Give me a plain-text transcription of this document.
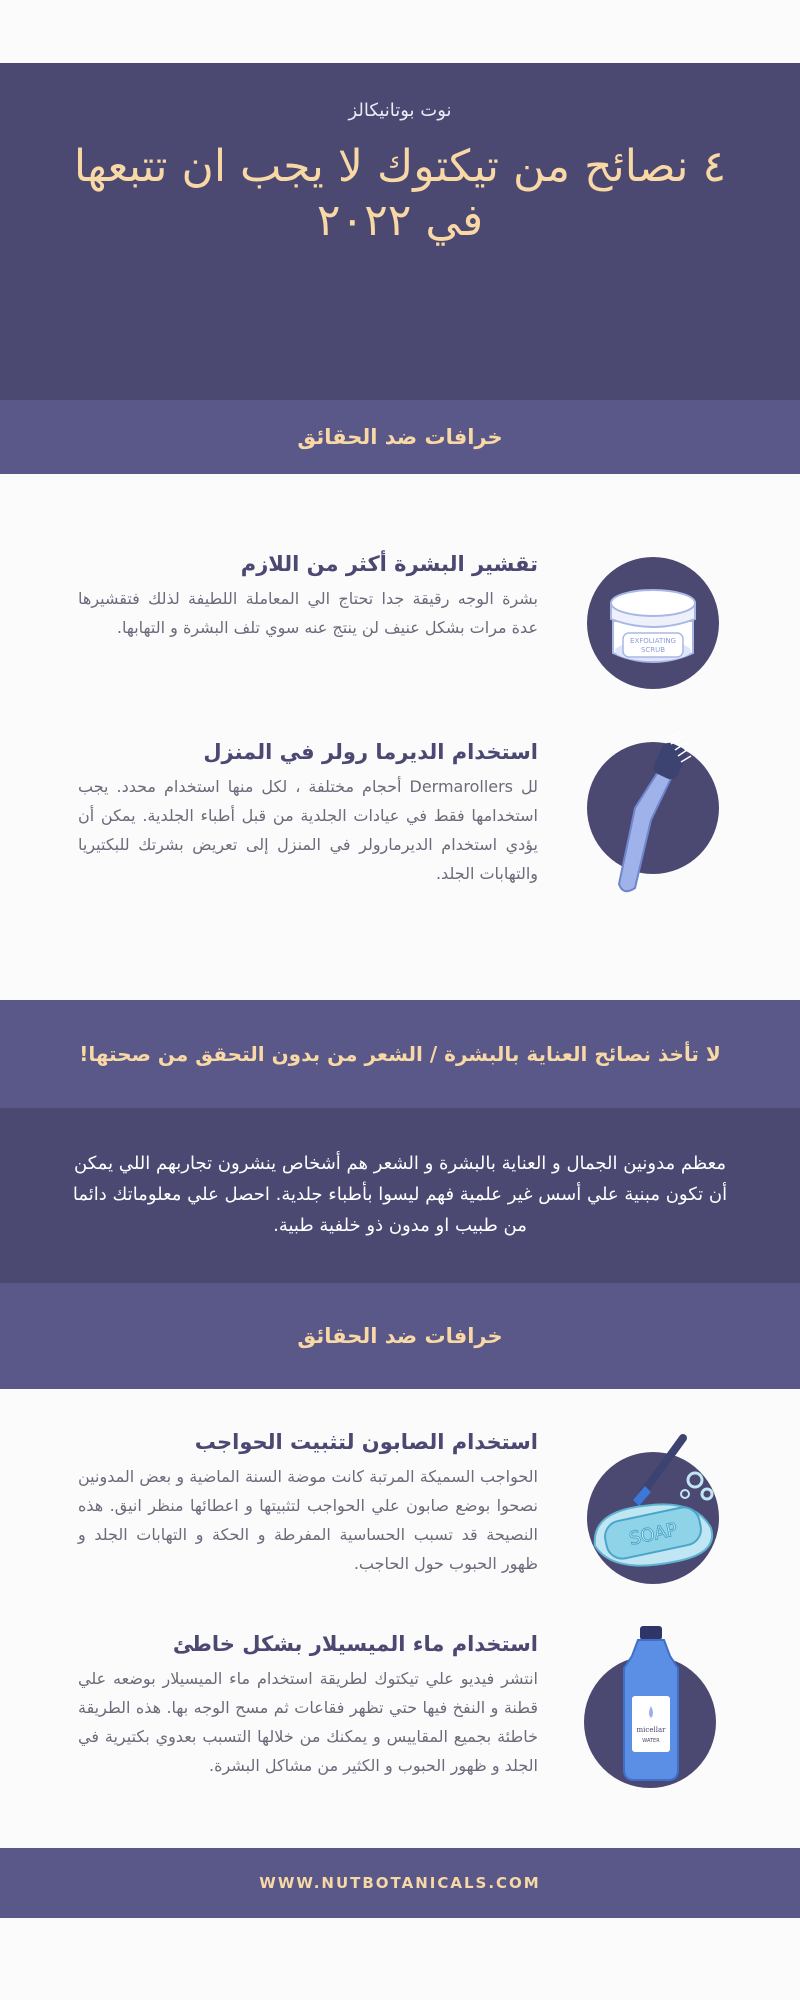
نوت بوتانيكالز
٤ نصائح من تيكتوك لا يجب ان تتبعها في ٢٠٢٢
خرافات ضد الحقائق
تقشير البشرة أكثر من اللازم

بشرة الوجه رقيقة جدا تحتاج الي المعاملة اللطيفة لذلك فتقشيرها عدة مرات بشكل عنيف لن ينتج عنه سوي تلف البشرة و التهابها.

EXFOLIATING
SCRUB
استخدام الديرما رولر في المنزل

لل Dermarollers أحجام مختلفة ، لكل منها استخدام محدد. يجب استخدامها فقط في عيادات الجلدية من قبل أطباء الجلدية. يمكن أن يؤدي استخدام الديرمارولر في المنزل إلى تعريض بشرتك للبكتيريا والتهابات الجلد.

لا تأخذ نصائح العناية بالبشرة / الشعر من بدون التحقق من صحتها!

معظم مدونين الجمال و العناية بالبشرة و الشعر هم أشخاص ينشرون تجاربهم اللي يمكن أن تكون مبنية علي أسس غير علمية فهم ليسوا بأطباء جلدية. احصل علي معلوماتك دائما من طبيب او مدون ذو خلفية طبية.

خرافات ضد الحقائق
استخدام الصابون لتثبيت الحواجب

الحواجب السميكة المرتبة كانت موضة السنة الماضية و بعض المدونين نصحوا بوضع صابون علي الحواجب لتثبيتها و اعطائها منظر انيق. هذه النصيحة قد تسبب الحساسية المفرطة و الحكة و التهابات الجلد و ظهور الحبوب حول الحاجب.

SOAP
استخدام ماء الميسيلار بشكل خاطئ

انتشر فيديو علي تيكتوك لطريقة استخدام ماء الميسيلار بوضعه علي قطنة و النفخ فيها حتي تظهر فقاعات ثم مسح الوجه بها. هذه الطريقة خاطئة بجميع المقاييس و يمكنك من خلالها التسبب بعدوي بكتيرية في الجلد و ظهور الحبوب و الكثير من مشاكل البشرة.

micellar
WATER
WWW.NUTBOTANICALS.COM
